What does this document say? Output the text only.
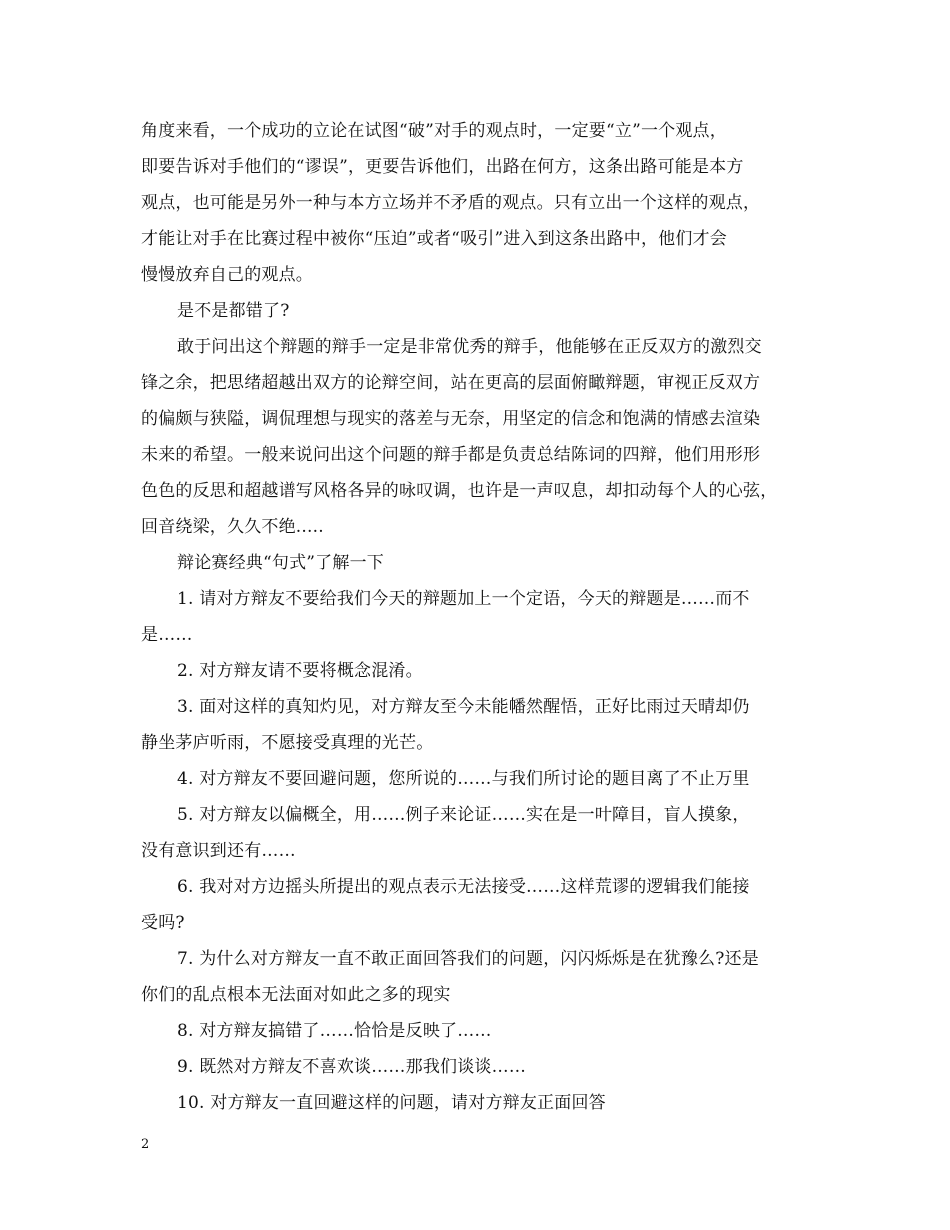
角度来看，一个成功的立论在试图“破”对手的观点时，一定要“立”一个观点，
即要告诉对手他们的“谬误”，更要告诉他们，出路在何方，这条出路可能是本方
观点，也可能是另外一种与本方立场并不矛盾的观点。只有立出一个这样的观点，
才能让对手在比赛过程中被你“压迫”或者“吸引”进入到这条出路中，他们才会
慢慢放弃自己的观点。
是不是都错了?
敢于问出这个辩题的辩手一定是非常优秀的辩手，他能够在正反双方的激烈交
锋之余，把思绪超越出双方的论辩空间，站在更高的层面俯瞰辩题，审视正反双方
的偏颇与狭隘，调侃理想与现实的落差与无奈，用坚定的信念和饱满的情感去渲染
未来的希望。一般来说问出这个问题的辩手都是负责总结陈词的四辩，他们用形形
色色的反思和超越谱写风格各异的咏叹调，也许是一声叹息，却扣动每个人的心弦，
回音绕梁，久久不绝.....
辩论赛经典“句式”了解一下
1. 请对方辩友不要给我们今天的辩题加上一个定语，今天的辩题是……而不
是……
2. 对方辩友请不要将概念混淆。
3. 面对这样的真知灼见，对方辩友至今未能幡然醒悟，正好比雨过天晴却仍
静坐茅庐听雨，不愿接受真理的光芒。
4. 对方辩友不要回避问题，您所说的……与我们所讨论的题目离了不止万里
5. 对方辩友以偏概全，用……例子来论证……实在是一叶障目，盲人摸象，
没有意识到还有……
6. 我对对方边摇头所提出的观点表示无法接受……这样荒谬的逻辑我们能接
受吗?
7. 为什么对方辩友一直不敢正面回答我们的问题，闪闪烁烁是在犹豫么?还是
你们的乱点根本无法面对如此之多的现实
8. 对方辩友搞错了……恰恰是反映了……
9. 既然对方辩友不喜欢谈……那我们谈谈……
10. 对方辩友一直回避这样的问题，请对方辩友正面回答
2
